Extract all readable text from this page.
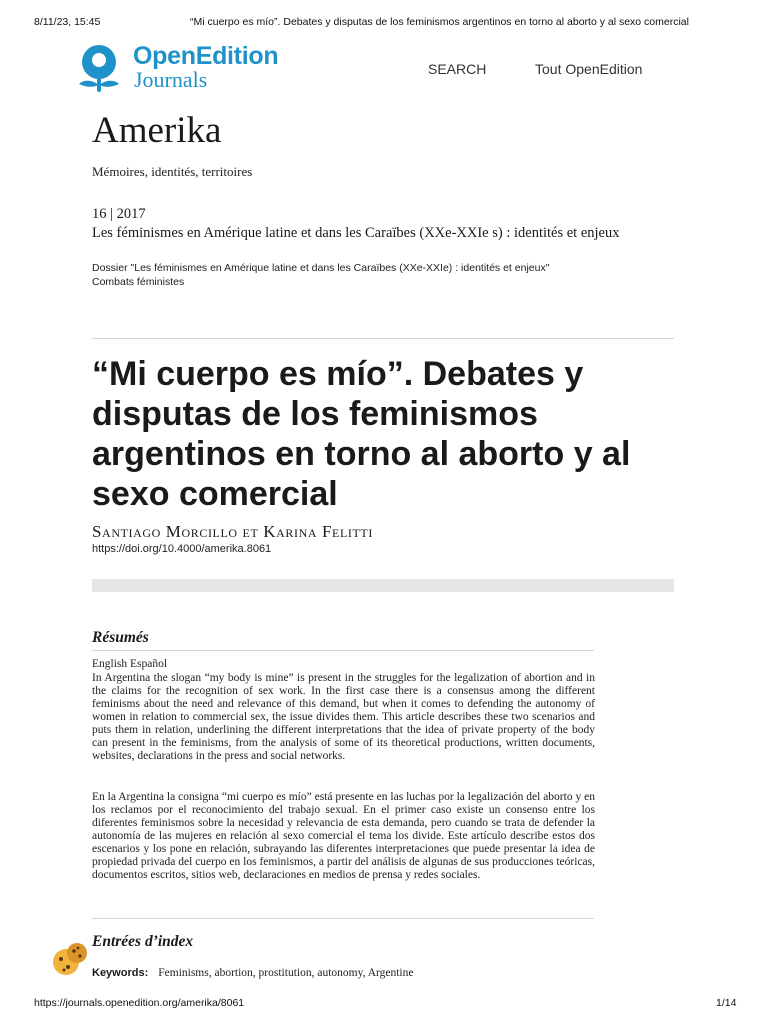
8/11/23, 15:45	“Mi cuerpo es mío”. Debates y disputas de los feminismos argentinos en torno al aborto y al sexo comercial
OpenEdition
Journals	SEARCH	Tout OpenEdition
Amerika
Mémoires, identités, territoires
16 | 2017
Les féminismes en Amérique latine et dans les Caraïbes (XXe-XXIe s) : identités et enjeux
Dossier "Les féminismes en Amérique latine et dans les Caraïbes (XXe-XXIe) : identités et enjeux"
Combats féministes
“Mi cuerpo es mío”. Debates y disputas de los feminismos argentinos en torno al aborto y al sexo comercial
Santiago Morcillo et Karina Felitti
https://doi.org/10.4000/amerika.8061
Résumés
English Español

In Argentina the slogan “my body is mine” is present in the struggles for the legalization of abortion and in the claims for the recognition of sex work. In the first case there is a consensus among the different feminisms about the need and relevance of this demand, but when it comes to defending the autonomy of women in relation to commercial sex, the issue divides them. This article describes these two scenarios and puts them in relation, underlining the different interpretations that the idea of private property of the body can present in the feminisms, from the analysis of some of its theoretical productions, written documents, websites, declarations in the press and social networks.

En la Argentina la consigna “mi cuerpo es mío” está presente en las luchas por la legalización del aborto y en los reclamos por el reconocimiento del trabajo sexual. En el primer caso existe un consenso entre los diferentes feminismos sobre la necesidad y relevancia de esta demanda, pero cuando se trata de defender la autonomía de las mujeres en relación al sexo comercial el tema los divide. Este artículo describe estos dos escenarios y los pone en relación, subrayando las diferentes interpretaciones que puede presentar la idea de propiedad privada del cuerpo en los feminismos, a partir del análisis de algunas de sus producciones teóricas, documentos escritos, sitios web, declaraciones en medios de prensa y redes sociales.

Entrées d’index
Keywords: Feminisms, abortion, prostitution, autonomy, Argentine
https://journals.openedition.org/amerika/8061	1/14
